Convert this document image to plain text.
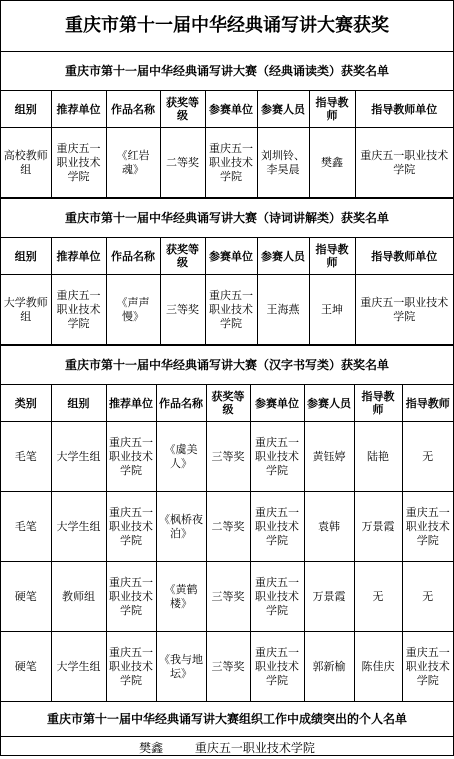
重庆市第十一届中华经典诵写讲大赛获奖
重庆市第十一届中华经典诵写讲大赛（经典诵读类）获奖名单							
组别	推荐单位	作品名称	获奖等级	参赛单位	参赛人员	指导教师	指导教师单位
高校教师组	重庆五一职业技术学院	《红岩魂》	二等奖	重庆五一职业技术学院	刘圳铃、李昊晨	樊鑫	重庆五一职业技术学院
重庆市第十一届中华经典诵写讲大赛（诗词讲解类）获奖名单							
组别	推荐单位	作品名称	获奖等级	参赛单位	参赛人员	指导教师	指导教师单位
大学教师组	重庆五一职业技术学院	《声声慢》	三等奖	重庆五一职业技术学院	王海燕	王坤	重庆五一职业技术学院
重庆市第十一届中华经典诵写讲大赛（汉字书写类）获奖名单								
类别	组别	推荐单位	作品名称	获奖等级	参赛单位	参赛人员	指导教师	指导教师
毛笔	大学生组	重庆五一职业技术学院	《虞美人》	三等奖	重庆五一职业技术学院	黄钰婷	陆艳	无
毛笔	大学生组	重庆五一职业技术学院	《枫桥夜泊》	二等奖	重庆五一职业技术学院	袁韩	万景霞	重庆五一职业技术学院
硬笔	教师组	重庆五一职业技术学院	《黄鹤楼》	三等奖	重庆五一职业技术学院	万景霞	无	无
硬笔	大学生组	重庆五一职业技术学院	《我与地坛》	三等奖	重庆五一职业技术学院	郭新榆	陈佳庆	重庆五一职业技术学院
重庆市第十一届中华经典诵写讲大赛组织工作中成绩突出的个人名单
樊鑫	重庆五一职业技术学院
